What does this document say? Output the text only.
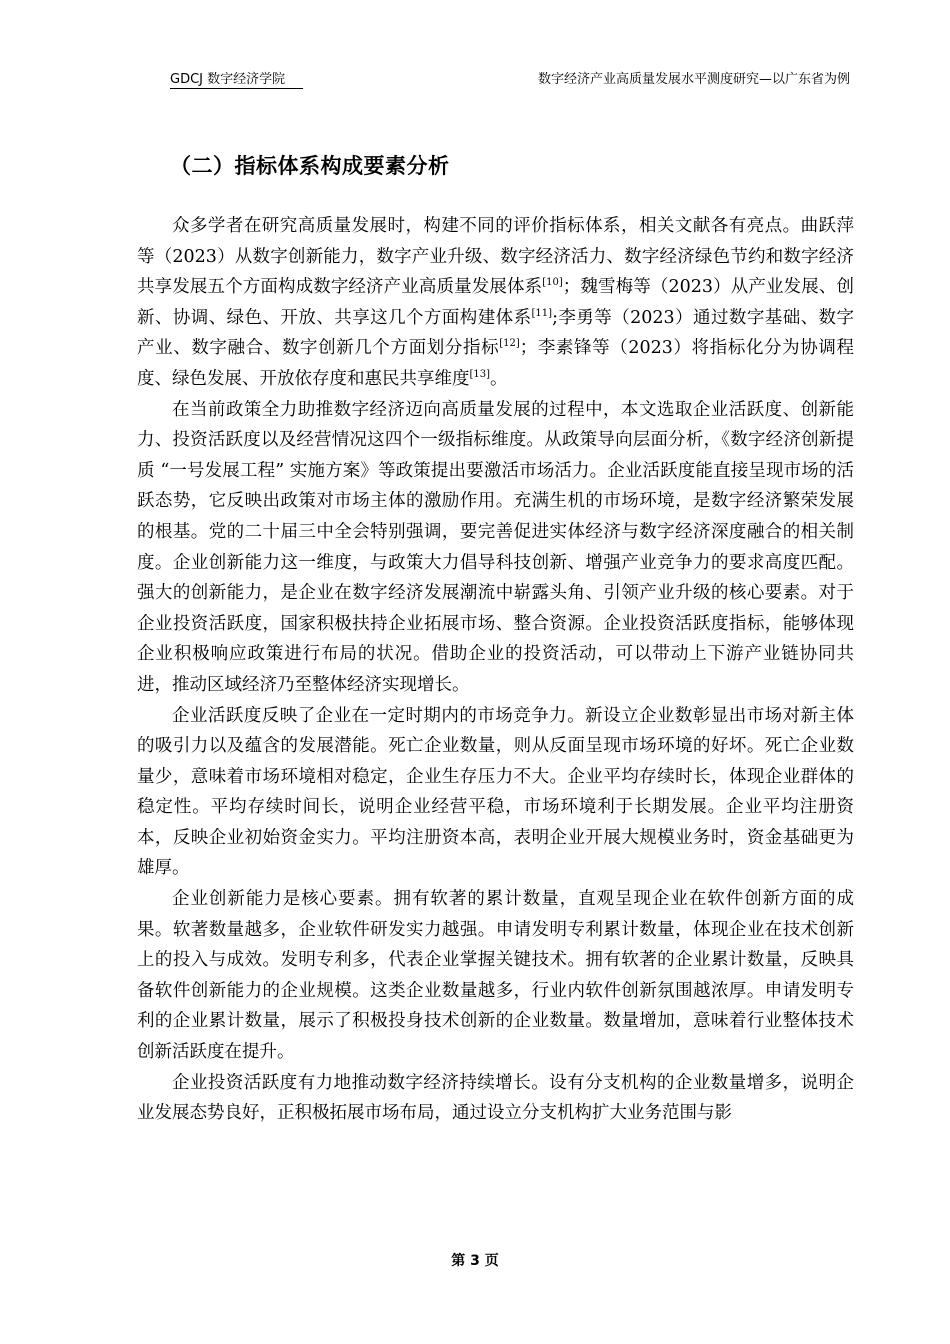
GDCJ 数字经济学院	数字经济产业高质量发展水平测度研究—以广东省为例
（二）指标体系构成要素分析

众多学者在研究高质量发展时，构建不同的评价指标体系，相关文献各有亮点。曲跃萍等（2023）从数字创新能力，数字产业升级、数字经济活力、数字经济绿色节约和数字经济共享发展五个方面构成数字经济产业高质量发展体系[10]；魏雪梅等（2023）从产业发展、创新、协调、绿色、开放、共享这几个方面构建体系[11];李勇等（2023）通过数字基础、数字产业、数字融合、数字创新几个方面划分指标[12]；李素锋等（2023）将指标化分为协调程度、绿色发展、开放依存度和惠民共享维度[13]。

在当前政策全力助推数字经济迈向高质量发展的过程中，本文选取企业活跃度、创新能力、投资活跃度以及经营情况这四个一级指标维度。从政策导向层面分析，《数字经济创新提质 “一号发展工程” 实施方案》等政策提出要激活市场活力。企业活跃度能直接呈现市场的活跃态势，它反映出政策对市场主体的激励作用。充满生机的市场环境，是数字经济繁荣发展的根基。党的二十届三中全会特别强调，要完善促进实体经济与数字经济深度融合的相关制度。企业创新能力这一维度，与政策大力倡导科技创新、增强产业竞争力的要求高度匹配。强大的创新能力，是企业在数字经济发展潮流中崭露头角、引领产业升级的核心要素。对于企业投资活跃度，国家积极扶持企业拓展市场、整合资源。企业投资活跃度指标，能够体现企业积极响应政策进行布局的状况。借助企业的投资活动，可以带动上下游产业链协同共进，推动区域经济乃至整体经济实现增长。

企业活跃度反映了企业在一定时期内的市场竞争力。新设立企业数彰显出市场对新主体的吸引力以及蕴含的发展潜能。死亡企业数量，则从反面呈现市场环境的好坏。死亡企业数量少，意味着市场环境相对稳定，企业生存压力不大。企业平均存续时长，体现企业群体的稳定性。平均存续时间长，说明企业经营平稳，市场环境利于长期发展。企业平均注册资本，反映企业初始资金实力。平均注册资本高，表明企业开展大规模业务时，资金基础更为雄厚。

企业创新能力是核心要素。拥有软著的累计数量，直观呈现企业在软件创新方面的成果。软著数量越多，企业软件研发实力越强。申请发明专利累计数量，体现企业在技术创新上的投入与成效。发明专利多，代表企业掌握关键技术。拥有软著的企业累计数量，反映具备软件创新能力的企业规模。这类企业数量越多，行业内软件创新氛围越浓厚。申请发明专利的企业累计数量，展示了积极投身技术创新的企业数量。数量增加，意味着行业整体技术创新活跃度在提升。

企业投资活跃度有力地推动数字经济持续增长。设有分支机构的企业数量增多，说明企业发展态势良好，正积极拓展市场布局，通过设立分支机构扩大业务范围与影

第 3 页
